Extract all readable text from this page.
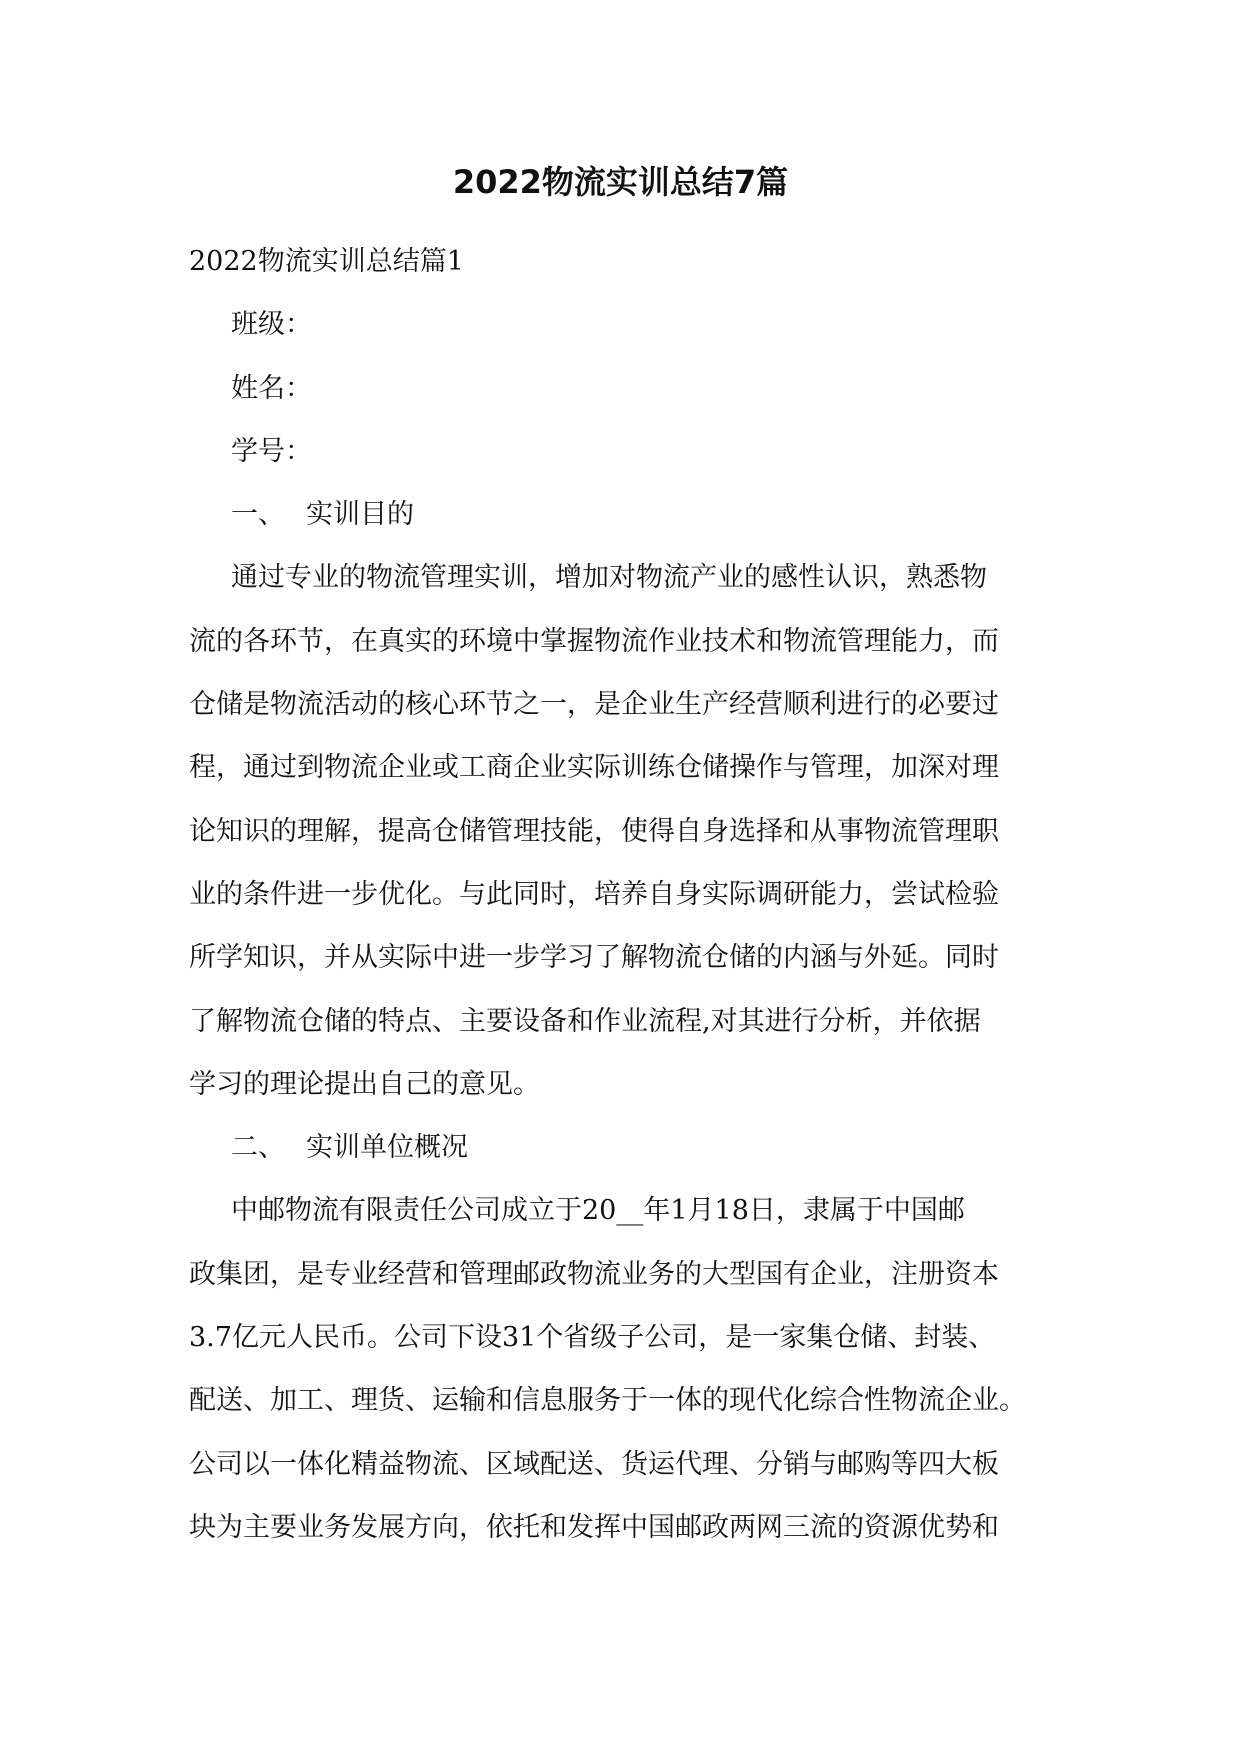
2022物流实训总结7篇
2022物流实训总结篇1
班级：
姓名：
学号：
一、 实训目的
通过专业的物流管理实训，增加对物流产业的感性认识，熟悉物
流的各环节，在真实的环境中掌握物流作业技术和物流管理能力，而
仓储是物流活动的核心环节之一，是企业生产经营顺利进行的必要过
程，通过到物流企业或工商企业实际训练仓储操作与管理，加深对理
论知识的理解，提高仓储管理技能，使得自身选择和从事物流管理职
业的条件进一步优化。与此同时，培养自身实际调研能力，尝试检验
所学知识，并从实际中进一步学习了解物流仓储的内涵与外延。同时
了解物流仓储的特点、主要设备和作业流程,对其进行分析，并依据
学习的理论提出自己的意见。
二、 实训单位概况
中邮物流有限责任公司成立于20__年1月18日，隶属于中国邮
政集团，是专业经营和管理邮政物流业务的大型国有企业，注册资本
3.7亿元人民币。公司下设31个省级子公司，是一家集仓储、封装、
配送、加工、理货、运输和信息服务于一体的现代化综合性物流企业。
公司以一体化精益物流、区域配送、货运代理、分销与邮购等四大板
块为主要业务发展方向，依托和发挥中国邮政两网三流的资源优势和
